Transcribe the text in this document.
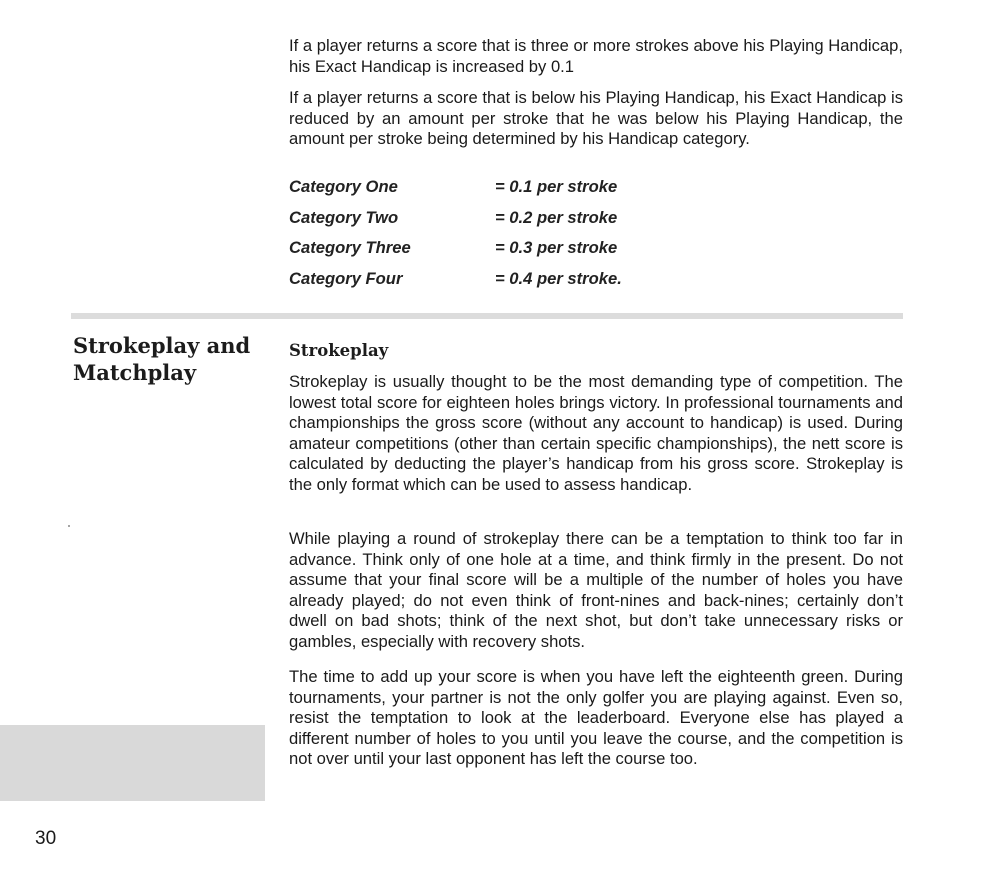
If a player returns a score that is three or more strokes above his Playing Handicap, his Exact Handicap is increased by 0.1

If a player returns a score that is below his Playing Handicap, his Exact Handicap is reduced by an amount per stroke that he was below his Playing Handicap, the amount per stroke being determined by his Handicap category.

Category One	= 0.1 per stroke
Category Two	= 0.2 per stroke
Category Three	= 0.3 per stroke
Category Four	= 0.4 per stroke.
Strokeplay and
Matchplay
Strokeplay

Strokeplay is usually thought to be the most demanding type of competition. The lowest total score for eighteen holes brings victory. In professional tournaments and championships the gross score (without any account to handicap) is used. During amateur competitions (other than certain specific championships), the nett score is calculated by deducting the player’s handicap from his gross score. Strokeplay is the only format which can be used to assess handicap.

While playing a round of strokeplay there can be a temptation to think too far in advance. Think only of one hole at a time, and think firmly in the present. Do not assume that your final score will be a multiple of the number of holes you have already played; do not even think of front-nines and back-nines; certainly don’t dwell on bad shots; think of the next shot, but don’t take unnecessary risks or gambles, especially with recovery shots.

The time to add up your score is when you have left the eighteenth green. During tournaments, your partner is not the only golfer you are playing against. Even so, resist the temptation to look at the leaderboard. Everyone else has played a different number of holes to you until you leave the course, and the competition is not over until your last opponent has left the course too.

30
